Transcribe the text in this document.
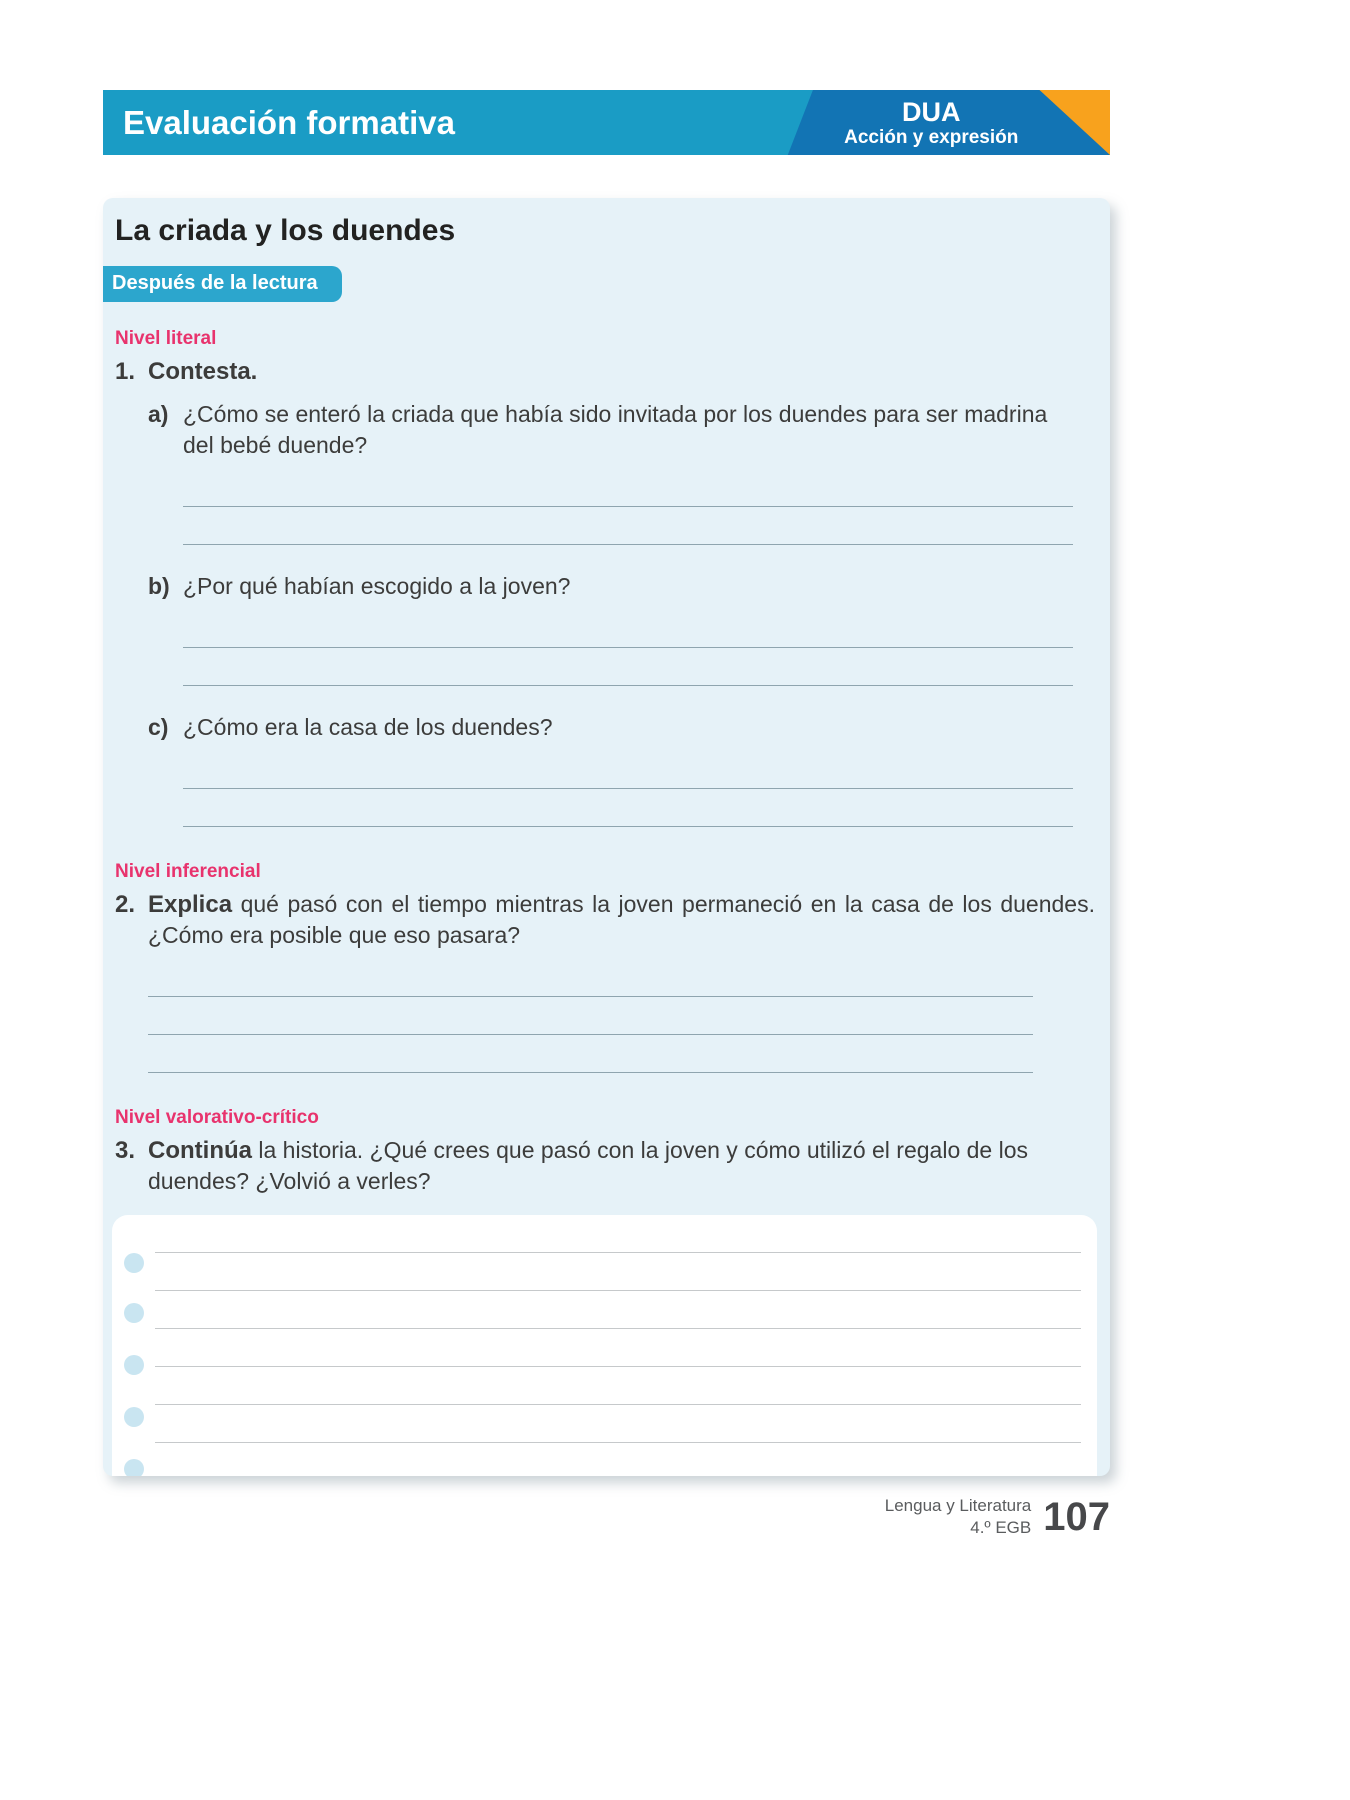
Evaluación formativa	DUA
Acción y expresión
La criada y los duendes
Después de la lectura
Nivel literal
1. Contesta.
a) ¿Cómo se enteró la criada que había sido invitada por los duendes para ser madrina del bebé duende?

b) ¿Por qué habían escogido a la joven?

c) ¿Cómo era la casa de los duendes?

Nivel inferencial
2. Explica qué pasó con el tiempo mientras la joven permaneció en la casa de los duendes. ¿Cómo era posible que eso pasara?

Nivel valorativo-crítico
3. Continúa la historia. ¿Qué crees que pasó con la joven y cómo utilizó el regalo de los duendes? ¿Volvió a verles?

Lengua y Literatura
4.º EGB 107
